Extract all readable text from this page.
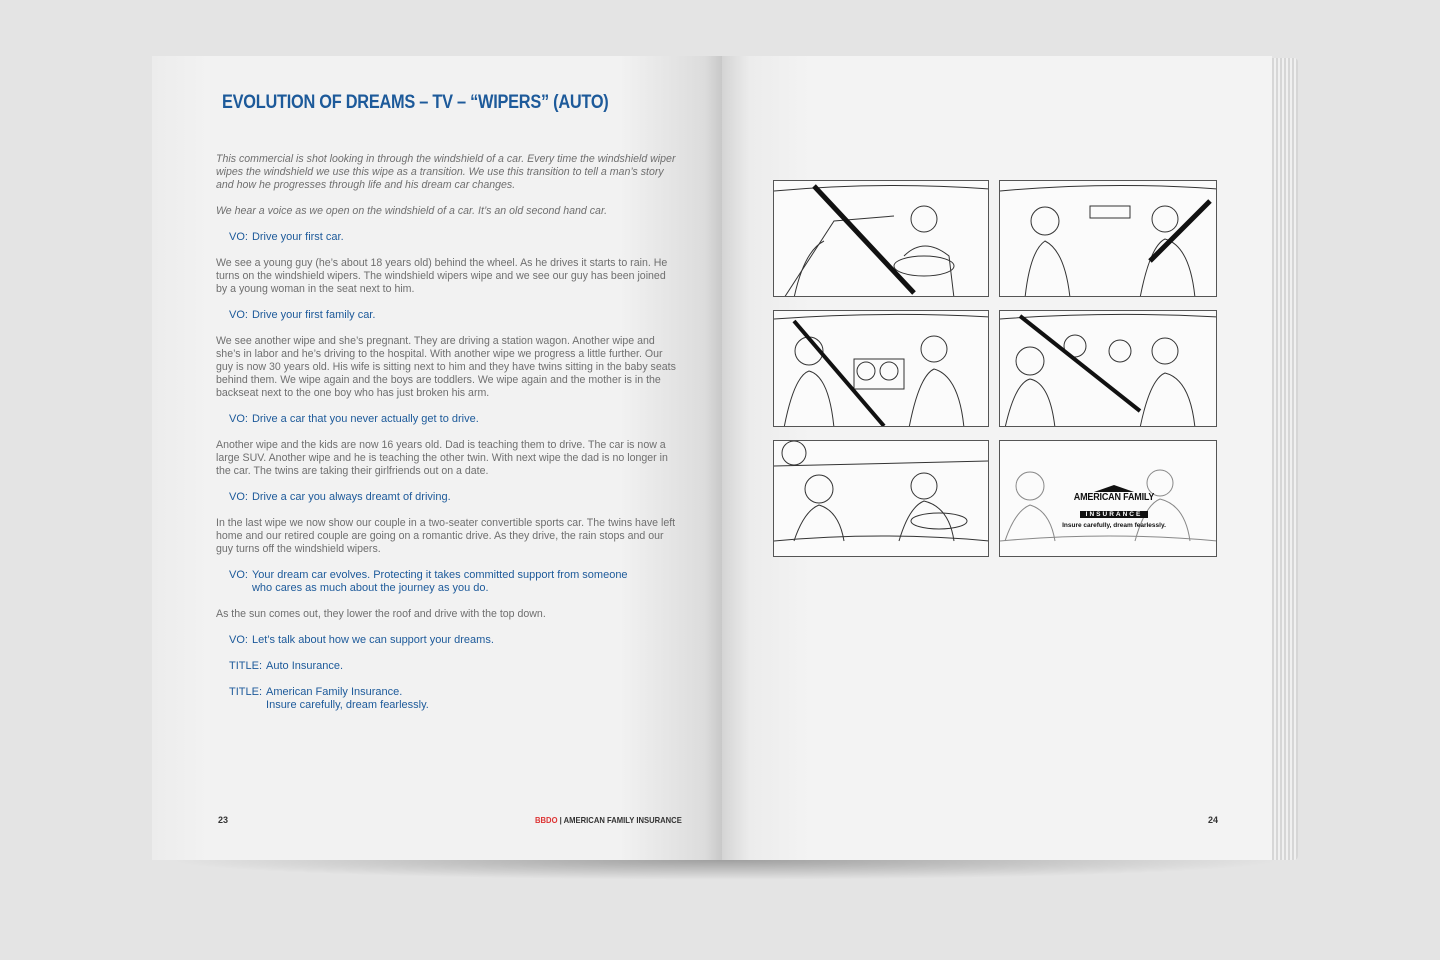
EVOLUTION OF DREAMS – TV – “WIPERS” (AUTO)

This commercial is shot looking in through the windshield of a car. Every time the windshield wiper wipes the windshield we use this wipe as a transition. We use this transition to tell a man’s story and how he progresses through life and his dream car changes.

We hear a voice as we open on the windshield of a car. It’s an old second hand car.

VO: Drive your first car.

We see a young guy (he’s about 18 years old) behind the wheel. As he drives it starts to rain. He turns on the windshield wipers. The windshield wipers wipe and we see our guy has been joined by a young woman in the seat next to him.

VO: Drive your first family car.

We see another wipe and she’s pregnant. They are driving a station wagon. Another wipe and she’s in labor and he’s driving to the hospital. With another wipe we progress a little further. Our guy is now 30 years old. His wife is sitting next to him and they have twins sitting in the baby seats behind them. We wipe again and the boys are toddlers. We wipe again and the mother is in the backseat next to the one boy who has just broken his arm.

VO: Drive a car that you never actually get to drive.

Another wipe and the kids are now 16 years old. Dad is teaching them to drive. The car is now a large SUV. Another wipe and he is teaching the other twin. With next wipe the dad is no longer in the car. The twins are taking their girlfriends out on a date.

VO: Drive a car you always dreamt of driving.

In the last wipe we now show our couple in a two-seater convertible sports car. The twins have left home and our retired couple are going on a romantic drive. As they drive, the rain stops and our guy turns off the windshield wipers.

VO: Your dream car evolves. Protecting it takes committed support from someone
who cares as much about the journey as you do.

As the sun comes out, they lower the roof and drive with the top down.

VO: Let’s talk about how we can support your dreams.

TITLE: Auto Insurance.

TITLE: American Family Insurance.
Insure carefully, dream fearlessly.

23	BBDO | AMERICAN FAMILY INSURANCE
AMERICAN FAMILY
INSURANCE
Insure carefully, dream fearlessly.
24
